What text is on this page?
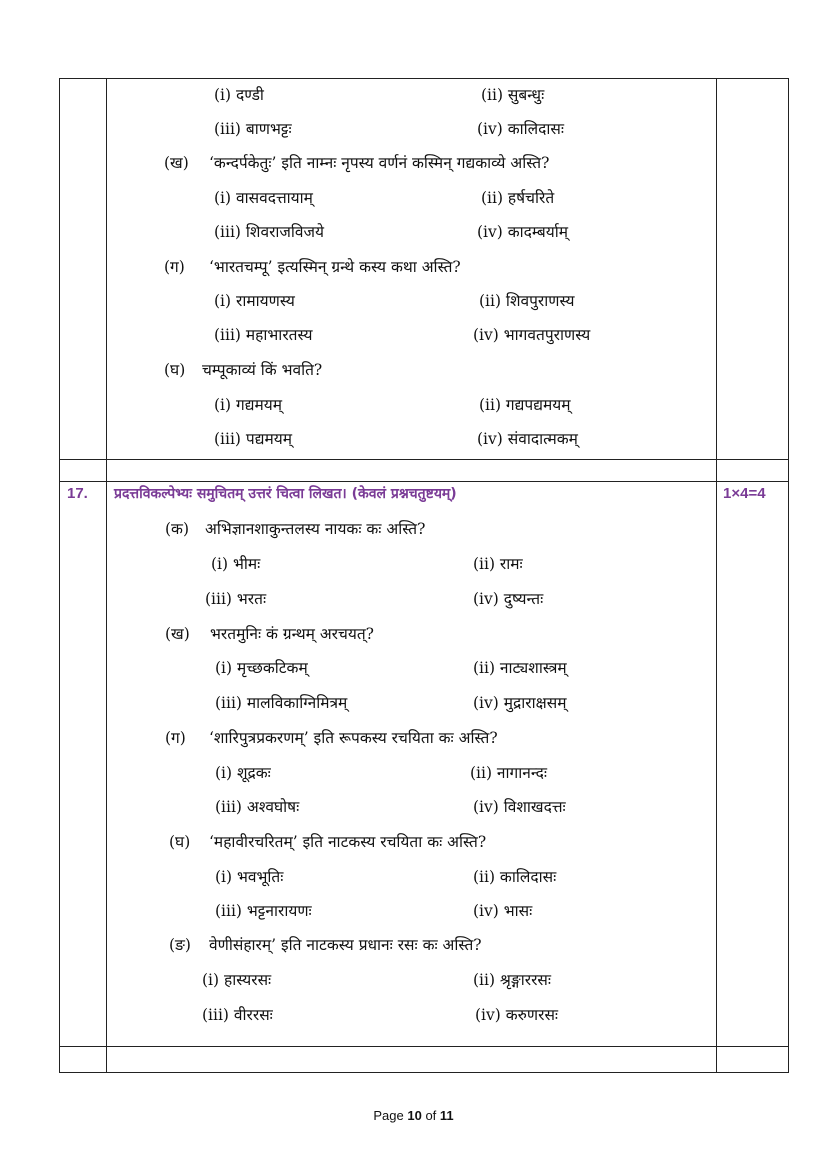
(i) दण्डी	(ii) सुबन्धुः
(iii) बाणभट्टः	(iv) कालिदासः
(ख) ‘कन्दर्पकेतुः’ इति नाम्नः नृपस्य वर्णनं कस्मिन् गद्यकाव्ये अस्ति?
(i) वासवदत्तायाम्	(ii) हर्षचरिते
(iii) शिवराजविजये	(iv) कादम्बर्याम्
(ग) ‘भारतचम्पू’ इत्यस्मिन् ग्रन्थे कस्य कथा अस्ति?
(i) रामायणस्य	(ii) शिवपुराणस्य
(iii) महाभारतस्य	(iv) भागवतपुराणस्य
(घ) चम्पूकाव्यं किं भवति?
(i) गद्यमयम्	(ii) गद्यपद्यमयम्
(iii) पद्यमयम्	(iv) संवादात्मकम्
17. प्रदत्तविकल्पेभ्यः समुचितम् उत्तरं चित्वा लिखत। (केवलं प्रश्नचतुष्टयम्)	1×4=4
(क) अभिज्ञानशाकुन्तलस्य नायकः कः अस्ति?
(i) भीमः	(ii) रामः
(iii) भरतः	(iv) दुष्यन्तः
(ख) भरतमुनिः कं ग्रन्थम् अरचयत्?
(i) मृच्छकटिकम्	(ii) नाट्यशास्त्रम्
(iii) मालविकाग्निमित्रम्	(iv) मुद्राराक्षसम्
(ग) ‘शारिपुत्रप्रकरणम्’ इति रूपकस्य रचयिता कः अस्ति?
(i) शूद्रकः	(ii) नागानन्दः
(iii) अश्वघोषः	(iv) विशाखदत्तः
(घ) ‘महावीरचरितम्’ इति नाटकस्य रचयिता कः अस्ति?
(i) भवभूतिः	(ii) कालिदासः
(iii) भट्टनारायणः	(iv) भासः
(ङ) वेणीसंहारम्’ इति नाटकस्य प्रधानः रसः कः अस्ति?
(i) हास्यरसः	(ii) श्रृङ्गाररसः
(iii) वीररसः	(iv) करुणरसः
Page 10 of 11
